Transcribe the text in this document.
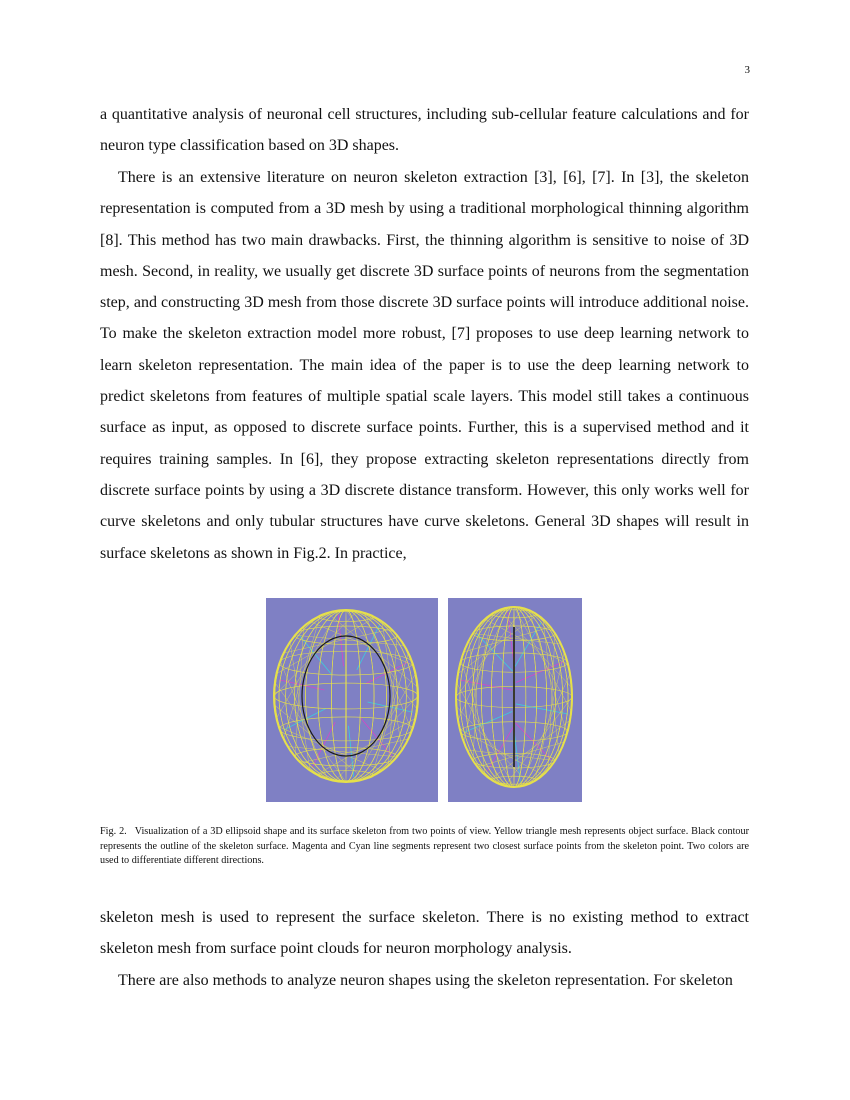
3

a quantitative analysis of neuronal cell structures, including sub-cellular feature calculations and for neuron type classification based on 3D shapes.

There is an extensive literature on neuron skeleton extraction [3], [6], [7]. In [3], the skeleton representation is computed from a 3D mesh by using a traditional morphological thinning algorithm [8]. This method has two main drawbacks. First, the thinning algorithm is sensitive to noise of 3D mesh. Second, in reality, we usually get discrete 3D surface points of neurons from the segmentation step, and constructing 3D mesh from those discrete 3D surface points will introduce additional noise. To make the skeleton extraction model more robust, [7] proposes to use deep learning network to learn skeleton representation. The main idea of the paper is to use the deep learning network to predict skeletons from features of multiple spatial scale layers. This model still takes a continuous surface as input, as opposed to discrete surface points. Further, this is a supervised method and it requires training samples. In [6], they propose extracting skeleton representations directly from discrete surface points by using a 3D discrete distance transform. However, this only works well for curve skeletons and only tubular structures have curve skeletons. General 3D shapes will result in surface skeletons as shown in Fig.2. In practice,

Fig. 2. Visualization of a 3D ellipsoid shape and its surface skeleton from two points of view. Yellow triangle mesh represents object surface. Black contour represents the outline of the skeleton surface. Magenta and Cyan line segments represent two closest surface points from the skeleton point. Two colors are used to differentiate different directions.

skeleton mesh is used to represent the surface skeleton. There is no existing method to extract skeleton mesh from surface point clouds for neuron morphology analysis.

There are also methods to analyze neuron shapes using the skeleton representation. For skeleton
